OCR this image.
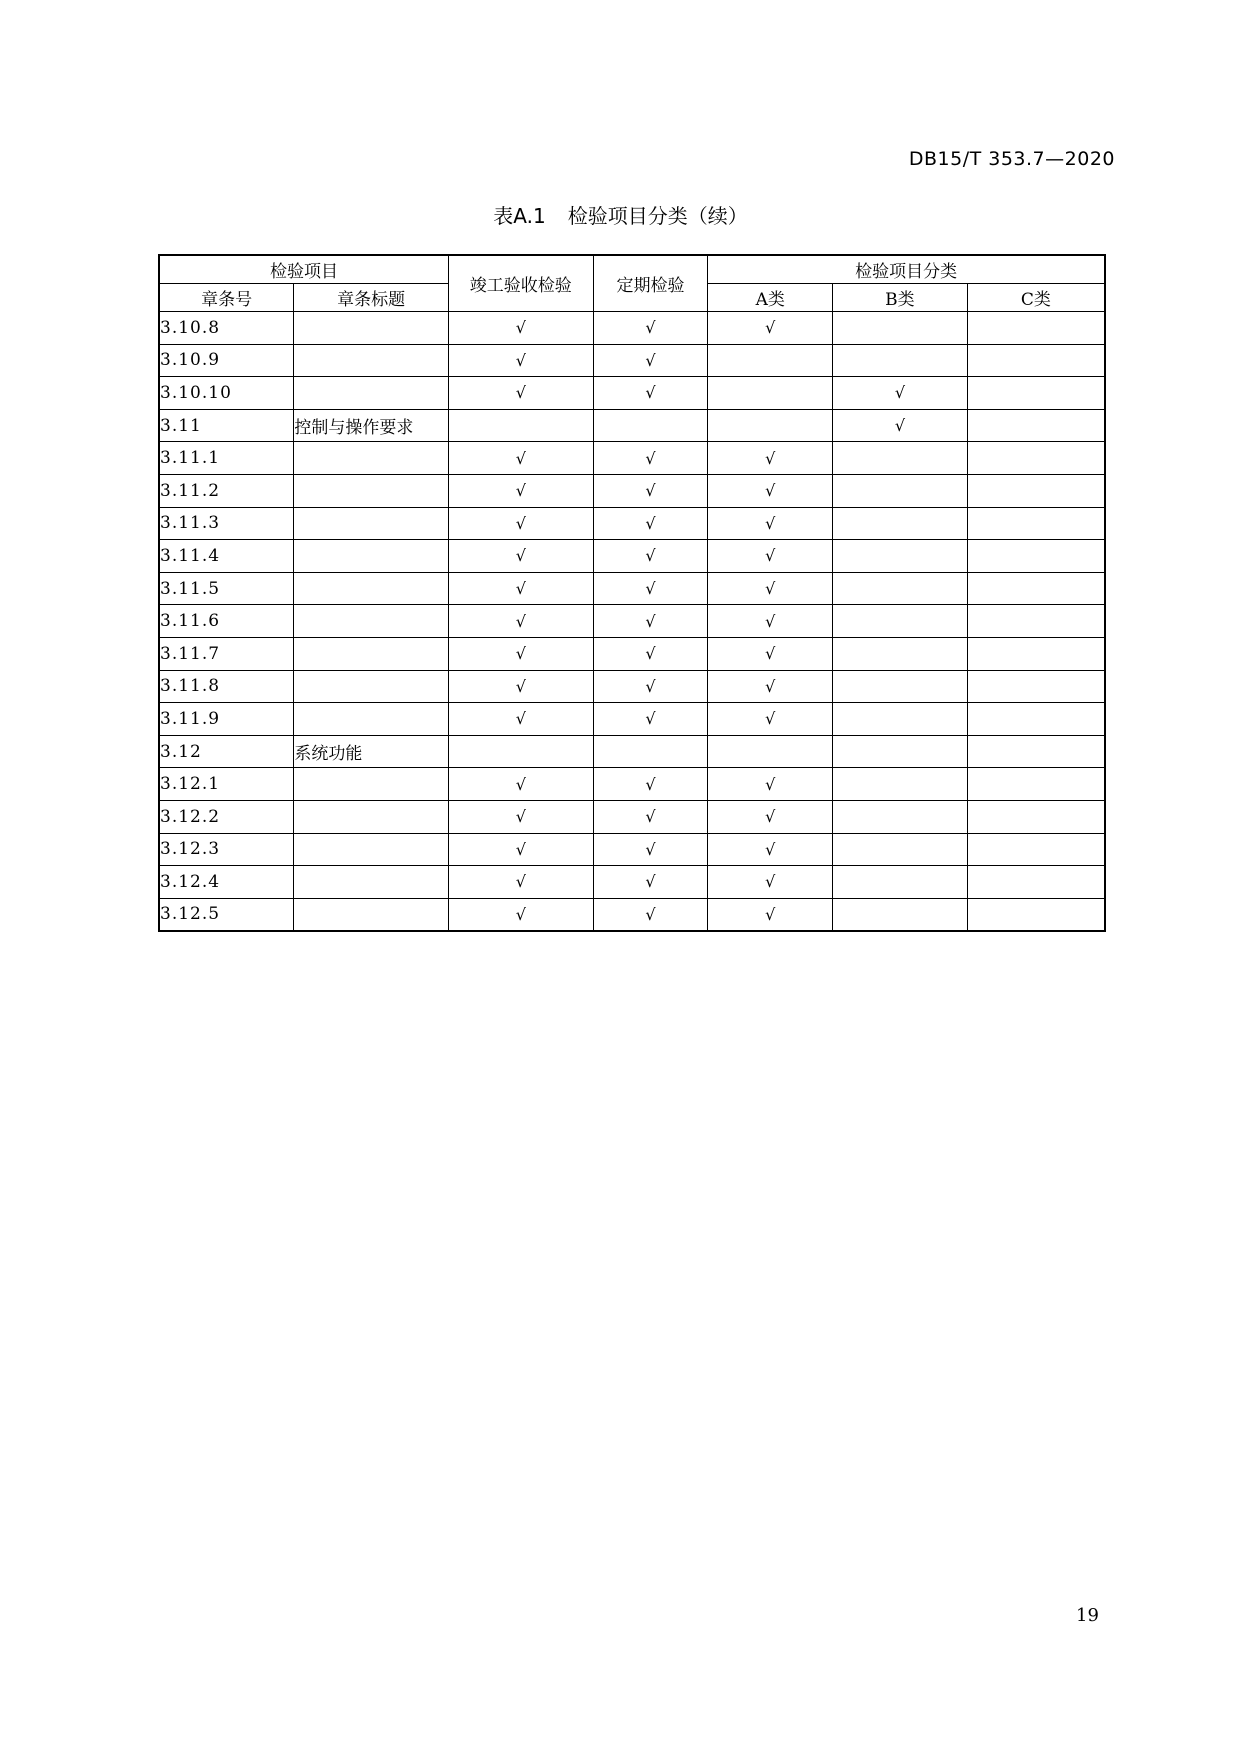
DB15/T 353.7—2020
表A.1 检验项目分类（续）
检验项目		竣工验收检验	定期检验	检验项目分类		
章条号	章条标题			A类	B类	C类
3.10.8		√	√	√		
3.10.9		√	√			
3.10.10		√	√		√	
3.11	控制与操作要求				√	
3.11.1		√	√	√		
3.11.2		√	√	√		
3.11.3		√	√	√		
3.11.4		√	√	√		
3.11.5		√	√	√		
3.11.6		√	√	√		
3.11.7		√	√	√		
3.11.8		√	√	√		
3.11.9		√	√	√		
3.12	系统功能					
3.12.1		√	√	√		
3.12.2		√	√	√		
3.12.3		√	√	√		
3.12.4		√	√	√		
3.12.5		√	√	√		
19
